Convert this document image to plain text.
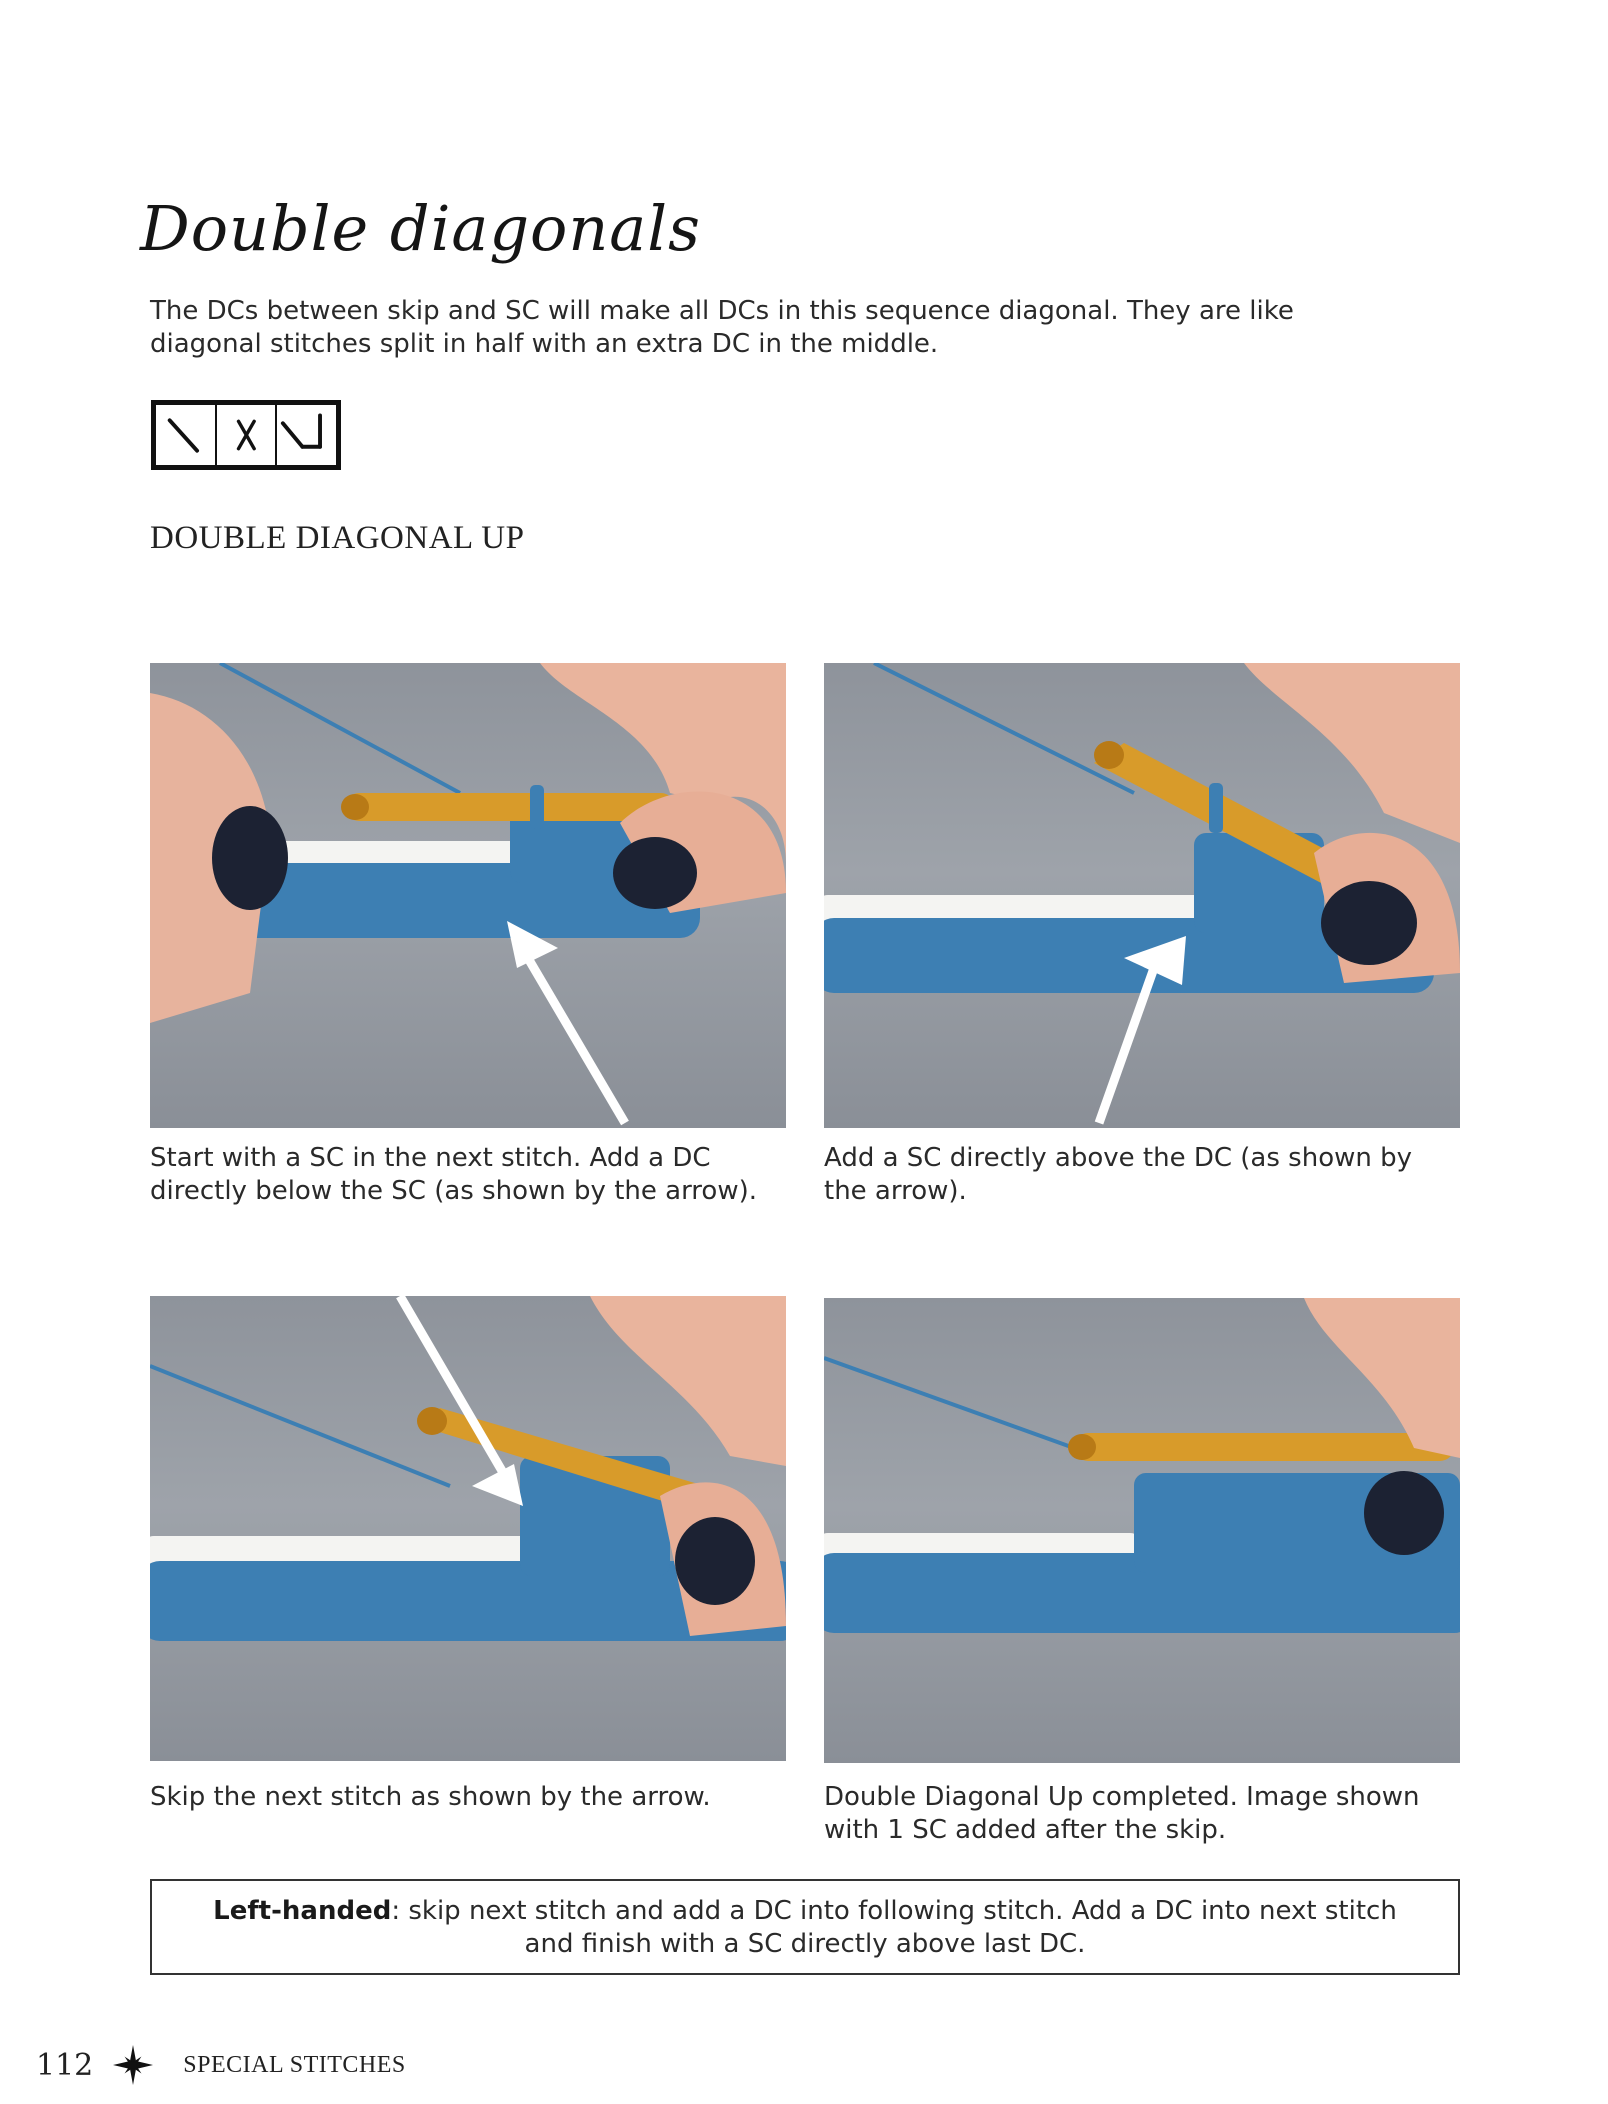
Double diagonals

The DCs between skip and SC will make all DCs in this sequence diagonal. They are like diagonal stitches split in half with an extra DC in the middle.

DOUBLE DIAGONAL UP

Start with a SC in the next stitch. Add a DC directly below the SC (as shown by the arrow).

Add a SC directly above the DC (as shown by the arrow).

Skip the next stitch as shown by the arrow.	Double Diagonal Up completed. Image shown with 1 SC added after the skip.

Left-handed: skip next stitch and add a DC into following stitch. Add a DC into next stitch and finish with a SC directly above last DC.
112	SPECIAL STITCHES
